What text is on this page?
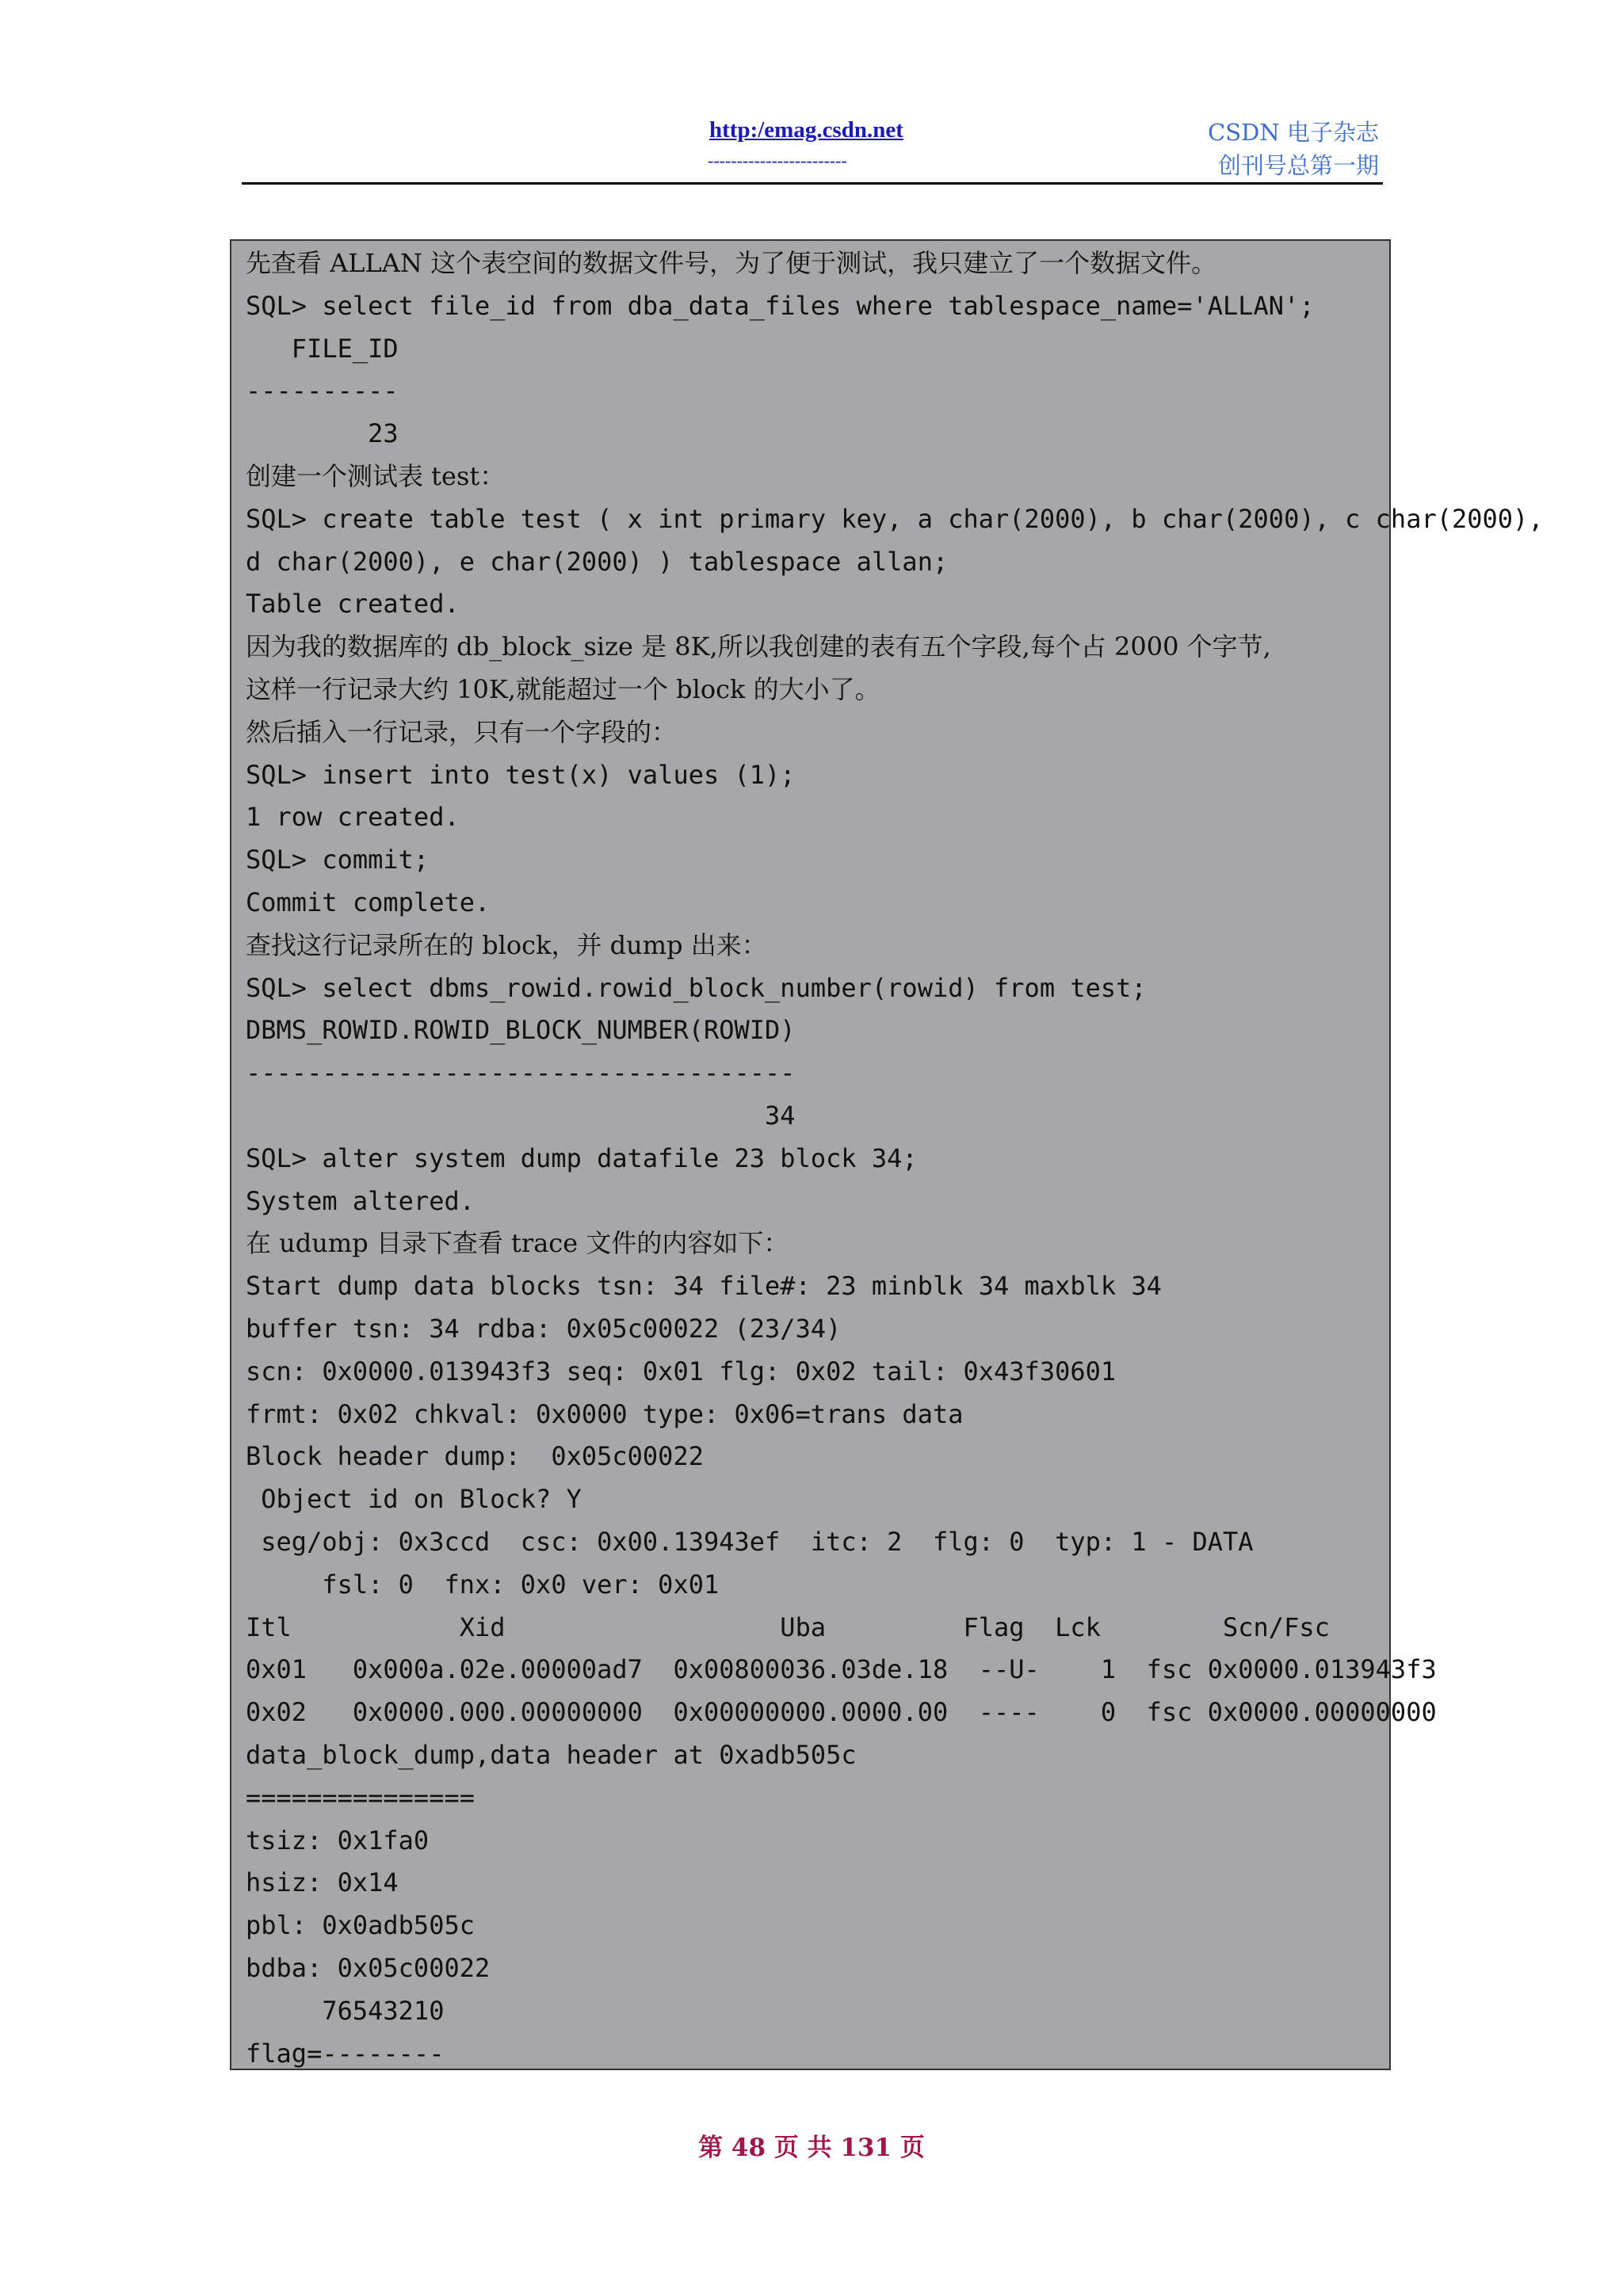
http:/emag.csdn.net
------------------------
CSDN 电子杂志
创刊号总第一期
先查看 ALLAN 这个表空间的数据文件号，为了便于测试，我只建立了一个数据文件。
SQL> select file_id from dba_data_files where tablespace_name='ALLAN';
FILE_ID
----------
23
创建一个测试表 test：
SQL> create table test ( x int primary key, a char(2000), b char(2000), c char(2000),
d char(2000), e char(2000) ) tablespace allan;
Table created.
因为我的数据库的 db_block_size 是 8K,所以我创建的表有五个字段,每个占 2000 个字节,
这样一行记录大约 10K,就能超过一个 block 的大小了。
然后插入一行记录，只有一个字段的：
SQL> insert into test(x) values (1);
1 row created.
SQL> commit;
Commit complete.
查找这行记录所在的 block，并 dump 出来：
SQL> select dbms_rowid.rowid_block_number(rowid) from test;
DBMS_ROWID.ROWID_BLOCK_NUMBER(ROWID)
------------------------------------
34
SQL> alter system dump datafile 23 block 34;
System altered.
在 udump 目录下查看 trace 文件的内容如下：
Start dump data blocks tsn: 34 file#: 23 minblk 34 maxblk 34
buffer tsn: 34 rdba: 0x05c00022 (23/34)
scn: 0x0000.013943f3 seq: 0x01 flg: 0x02 tail: 0x43f30601
frmt: 0x02 chkval: 0x0000 type: 0x06=trans data
Block header dump:  0x05c00022
Object id on Block? Y
seg/obj: 0x3ccd  csc: 0x00.13943ef  itc: 2  flg: 0  typ: 1 - DATA
fsl: 0  fnx: 0x0 ver: 0x01
Itl           Xid                  Uba         Flag  Lck        Scn/Fsc
0x01   0x000a.02e.00000ad7  0x00800036.03de.18  --U-    1  fsc 0x0000.013943f3
0x02   0x0000.000.00000000  0x00000000.0000.00  ----    0  fsc 0x0000.00000000
data_block_dump,data header at 0xadb505c
===============
tsiz: 0x1fa0
hsiz: 0x14
pbl: 0x0adb505c
bdba: 0x05c00022
76543210
flag=--------
第 48 页 共 131 页
